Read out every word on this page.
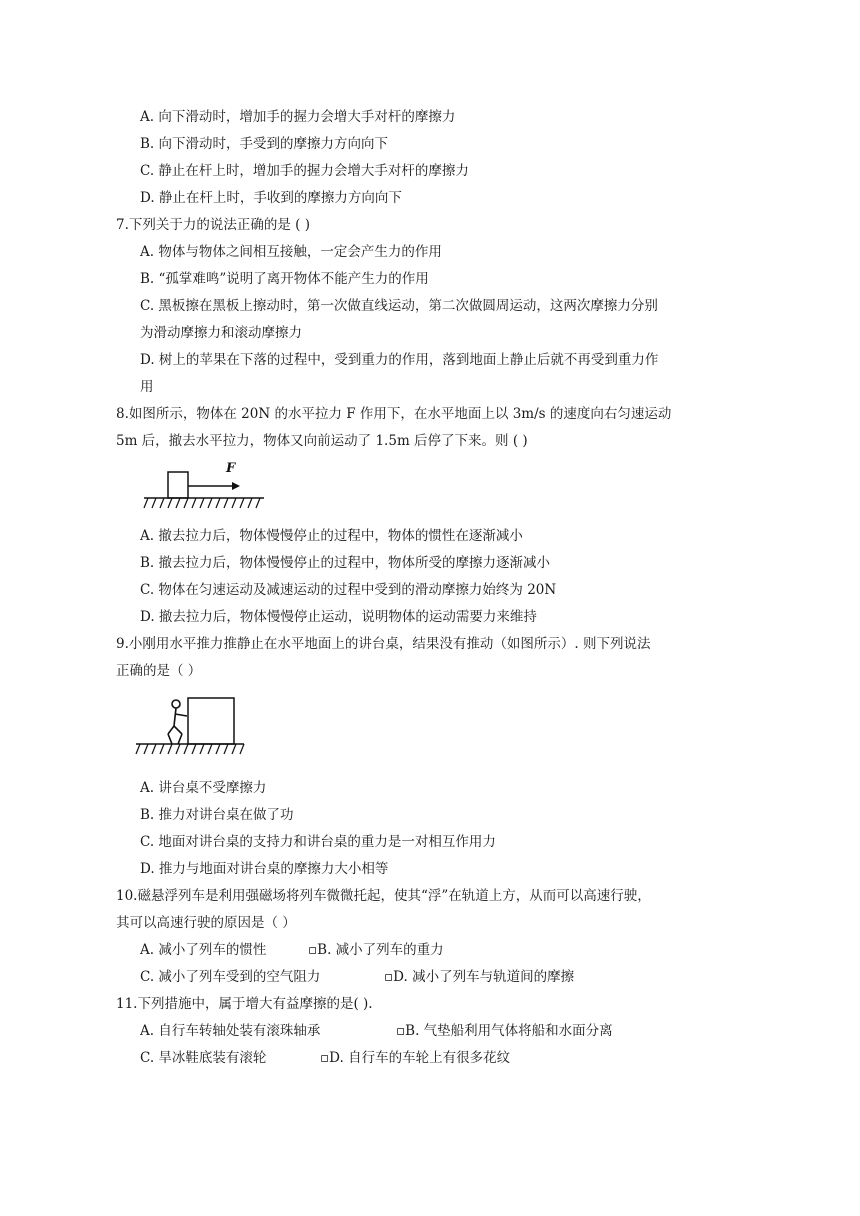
A. 向下滑动时，增加手的握力会增大手对杆的摩擦力
B. 向下滑动时，手受到的摩擦力方向向下
C. 静止在杆上时，增加手的握力会增大手对杆的摩擦力
D. 静止在杆上时，手收到的摩擦力方向向下
7.下列关于力的说法正确的是 ( )
A. 物体与物体之间相互接触，一定会产生力的作用
B. “孤掌难鸣”说明了离开物体不能产生力的作用
C. 黑板擦在黑板上擦动时，第一次做直线运动，第二次做圆周运动，这两次摩擦力分别
为滑动摩擦力和滚动摩擦力
D. 树上的苹果在下落的过程中，受到重力的作用，落到地面上静止后就不再受到重力作
用
8.如图所示，物体在 20N 的水平拉力 F 作用下，在水平地面上以 3m/s 的速度向右匀速运动
5m 后，撤去水平拉力，物体又向前运动了 1.5m 后停了下来。则 ( )
F
A. 撤去拉力后，物体慢慢停止的过程中，物体的惯性在逐渐减小
B. 撤去拉力后，物体慢慢停止的过程中，物体所受的摩擦力逐渐减小
C. 物体在匀速运动及减速运动的过程中受到的滑动摩擦力始终为 20N
D. 撤去拉力后，物体慢慢停止运动，说明物体的运动需要力来维持
9.小刚用水平推力推静止在水平地面上的讲台桌，结果没有推动（如图所示）. 则下列说法
正确的是（ ）
A. 讲台桌不受摩擦力
B. 推力对讲台桌在做了功
C. 地面对讲台桌的支持力和讲台桌的重力是一对相互作用力
D. 推力与地面对讲台桌的摩擦力大小相等
10.磁悬浮列车是利用强磁场将列车微微托起，使其“浮”在轨道上方，从而可以高速行驶，
其可以高速行驶的原因是（ ）
A. 减小了列车的惯性	▫B. 减小了列车的重力
C. 减小了列车受到的空气阻力	▫D. 减小了列车与轨道间的摩擦
11.下列措施中，属于增大有益摩擦的是( ).
A. 自行车转轴处装有滚珠轴承	▫B. 气垫船利用气体将船和水面分离
C. 旱冰鞋底装有滚轮	▫D. 自行车的车轮上有很多花纹
